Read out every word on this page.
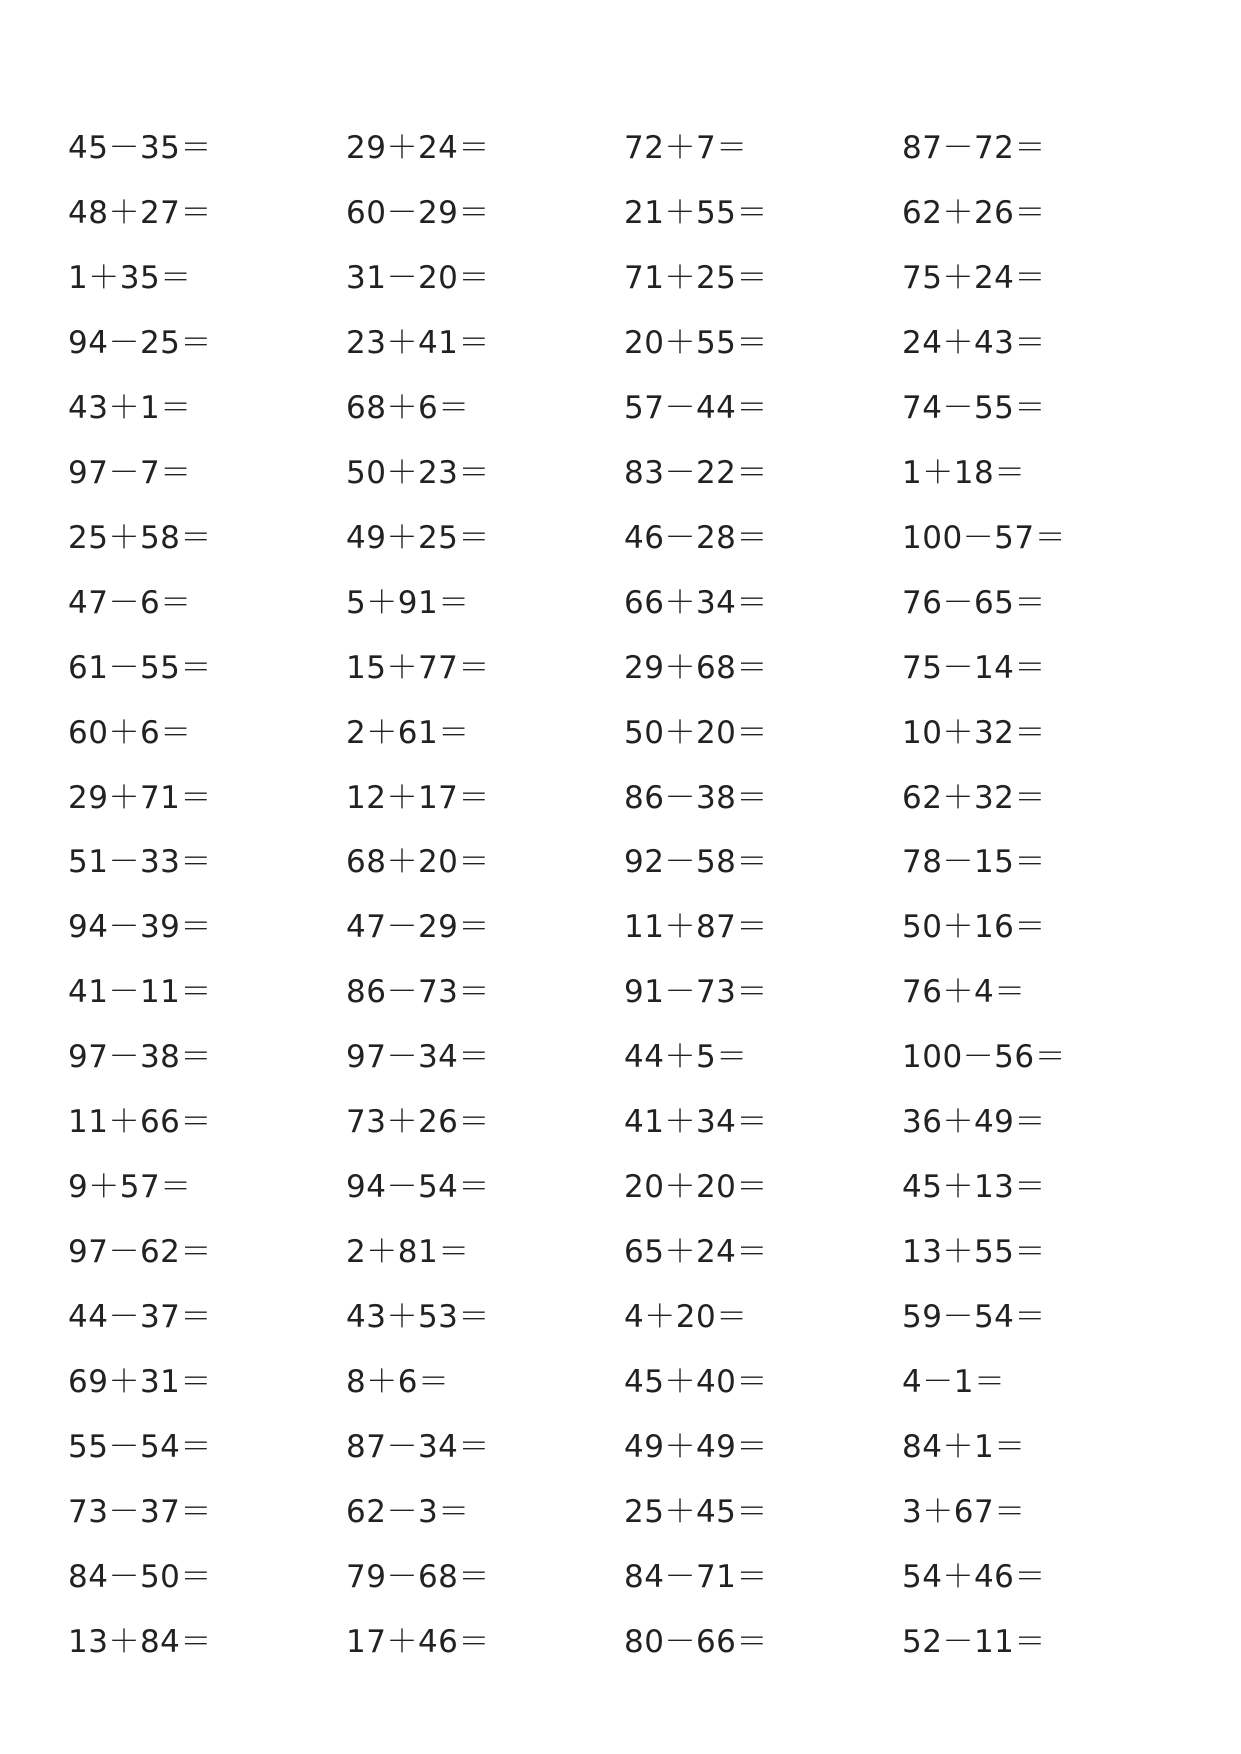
45－35＝	29＋24＝	72＋7＝	87－72＝
48＋27＝	60－29＝	21＋55＝	62＋26＝
1＋35＝	31－20＝	71＋25＝	75＋24＝
94－25＝	23＋41＝	20＋55＝	24＋43＝
43＋1＝	68＋6＝	57－44＝	74－55＝
97－7＝	50＋23＝	83－22＝	1＋18＝
25＋58＝	49＋25＝	46－28＝	100－57＝
47－6＝	5＋91＝	66＋34＝	76－65＝
61－55＝	15＋77＝	29＋68＝	75－14＝
60＋6＝	2＋61＝	50＋20＝	10＋32＝
29＋71＝	12＋17＝	86－38＝	62＋32＝
51－33＝	68＋20＝	92－58＝	78－15＝
94－39＝	47－29＝	11＋87＝	50＋16＝
41－11＝	86－73＝	91－73＝	76＋4＝
97－38＝	97－34＝	44＋5＝	100－56＝
11＋66＝	73＋26＝	41＋34＝	36＋49＝
9＋57＝	94－54＝	20＋20＝	45＋13＝
97－62＝	2＋81＝	65＋24＝	13＋55＝
44－37＝	43＋53＝	4＋20＝	59－54＝
69＋31＝	8＋6＝	45＋40＝	4－1＝
55－54＝	87－34＝	49＋49＝	84＋1＝
73－37＝	62－3＝	25＋45＝	3＋67＝
84－50＝	79－68＝	84－71＝	54＋46＝
13＋84＝	17＋46＝	80－66＝	52－11＝
